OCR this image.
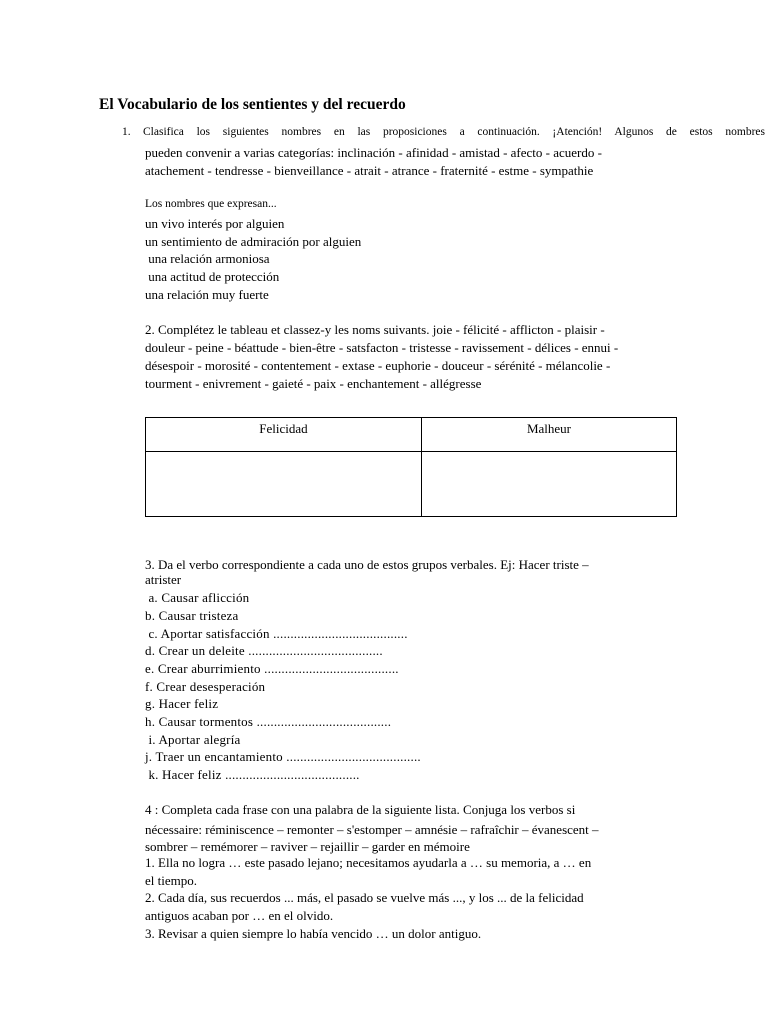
El Vocabulario de los sentientes y del recuerdo
1. Clasifica los siguientes nombres en las proposiciones a continuación. ¡Atención! Algunos de estos nombres
pueden convenir a varias categorías: inclinación - afinidad - amistad - afecto - acuerdo -
atachement - tendresse - bienveillance - atrait - atrance - fraternité - estme - sympathie
Los nombres que expresan...
un vivo interés por alguien
un sentimiento de admiración por alguien
una relación armoniosa
una actitud de protección
una relación muy fuerte
2. Complétez le tableau et classez-y les noms suivants. joie - félicité - afflicton - plaisir -
douleur - peine - béattude - bien-être - satsfacton - tristesse - ravissement - délices - ennui -
désespoir - morosité - contentement - extase - euphorie - douceur - sérénité - mélancolie -
tourment - enivrement - gaieté - paix - enchantement - allégresse
Felicidad	Malheur

3. Da el verbo correspondiente a cada uno de estos grupos verbales. Ej: Hacer triste –
atrister
a. Causar aflicción
b. Causar tristeza
c. Aportar satisfacción .......................................
d. Crear un deleite .......................................
e. Crear aburrimiento .......................................
f. Crear desesperación
g. Hacer feliz
h. Causar tormentos .......................................
i. Aportar alegría
j. Traer un encantamiento .......................................
k. Hacer feliz .......................................
4 : Completa cada frase con una palabra de la siguiente lista. Conjuga los verbos si
nécessaire: réminiscence – remonter – s'estomper – amnésie – rafraîchir – évanescent –
sombrer – remémorer – raviver – rejaillir – garder en mémoire
1. Ella no logra … este pasado lejano; necesitamos ayudarla a … su memoria, a … en
el tiempo.
2. Cada día, sus recuerdos ... más, el pasado se vuelve más ..., y los ... de la felicidad
antiguos acaban por … en el olvido.
3. Revisar a quien siempre lo había vencido … un dolor antiguo.
